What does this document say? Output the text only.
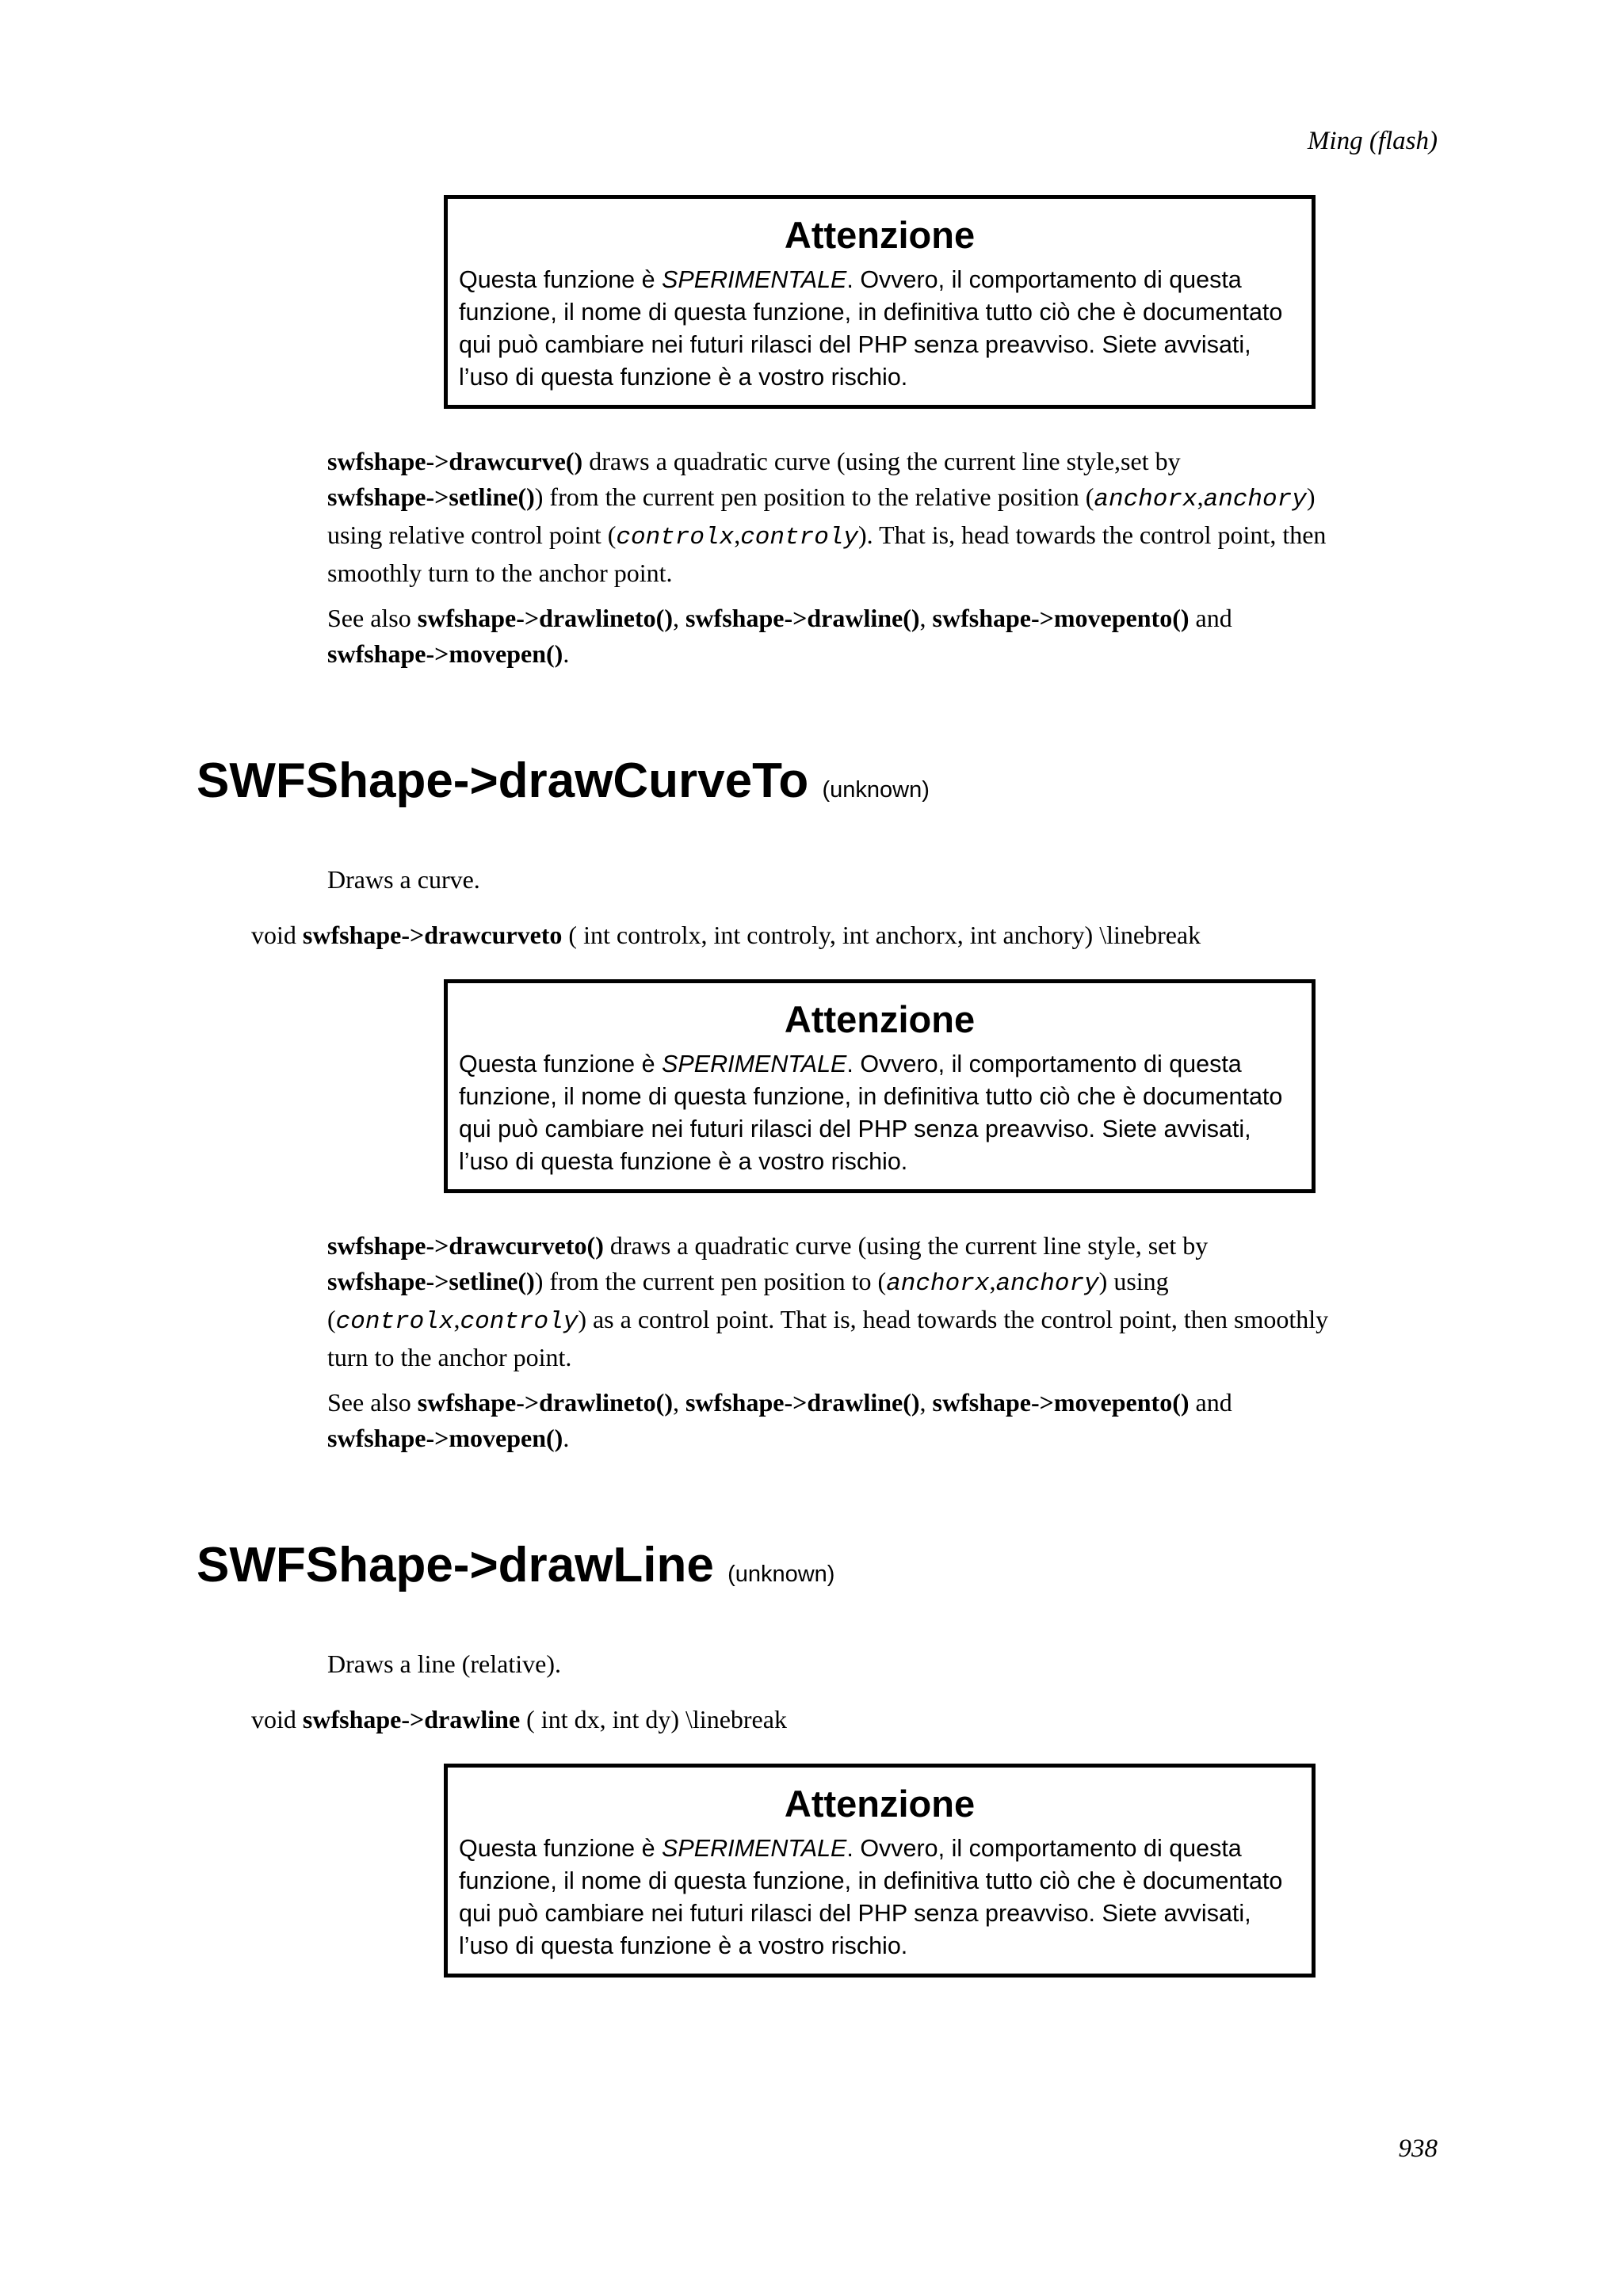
Ming (flash)
Attenzione
Questa funzione è SPERIMENTALE. Ovvero, il comportamento di questa
funzione, il nome di questa funzione, in definitiva tutto ciò che è documentato
qui può cambiare nei futuri rilasci del PHP senza preavviso. Siete avvisati,
l’uso di questa funzione è a vostro rischio.
swfshape->drawcurve() draws a quadratic curve (using the current line style,set by
swfshape->setline()) from the current pen position to the relative position (anchorx,anchory)
using relative control point (controlx,controly). That is, head towards the control point, then
smoothly turn to the anchor point.
See also swfshape->drawlineto(), swfshape->drawline(), swfshape->movepento() and
swfshape->movepen().
SWFShape->drawCurveTo (unknown)
Draws a curve.
void swfshape->drawcurveto ( int controlx, int controly, int anchorx, int anchory) \linebreak
Attenzione
Questa funzione è SPERIMENTALE. Ovvero, il comportamento di questa
funzione, il nome di questa funzione, in definitiva tutto ciò che è documentato
qui può cambiare nei futuri rilasci del PHP senza preavviso. Siete avvisati,
l’uso di questa funzione è a vostro rischio.
swfshape->drawcurveto() draws a quadratic curve (using the current line style, set by
swfshape->setline()) from the current pen position to (anchorx,anchory) using
(controlx,controly) as a control point. That is, head towards the control point, then smoothly
turn to the anchor point.
See also swfshape->drawlineto(), swfshape->drawline(), swfshape->movepento() and
swfshape->movepen().
SWFShape->drawLine (unknown)
Draws a line (relative).
void swfshape->drawline ( int dx, int dy) \linebreak
Attenzione
Questa funzione è SPERIMENTALE. Ovvero, il comportamento di questa
funzione, il nome di questa funzione, in definitiva tutto ciò che è documentato
qui può cambiare nei futuri rilasci del PHP senza preavviso. Siete avvisati,
l’uso di questa funzione è a vostro rischio.
938
